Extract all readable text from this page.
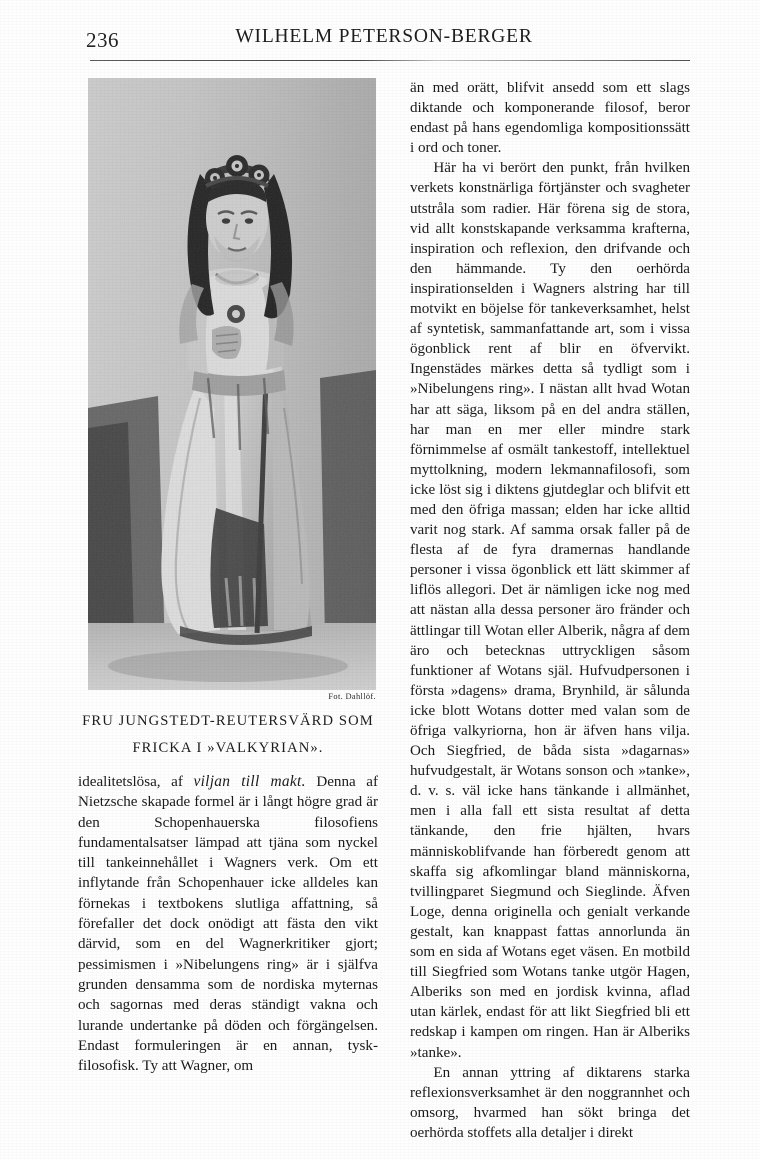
236	WILHELM PETERSON-BERGER
Fot. Dahllöf.
FRU JUNGSTEDT-REUTERSVÄRD SOM
FRICKA I »VALKYRIAN».

idealitetslösa, af viljan till makt. Denna af Nietzsche skapade formel är i långt högre grad är den Schopenhauerska filosofiens fundamentalsatser lämpad att tjäna som nyckel till tankeinnehållet i Wagners verk. Om ett inflytande från Schopenhauer icke alldeles kan förnekas i textbokens slutliga affattning, så förefaller det dock onödigt att fästa den vikt därvid, som en del Wagnerkritiker gjort; pessimismen i »Nibelungens ring» är i själfva grunden densamma som de nordiska myternas och sagornas med deras ständigt vakna och lurande undertanke på döden och förgängelsen. Endast formuleringen är en annan, tysk-filosofisk. Ty att Wagner, om

än med orätt, blifvit ansedd som ett slags diktande och komponerande filosof, beror endast på hans egendomliga kompositionssätt i ord och toner.

Här ha vi berört den punkt, från hvilken verkets konstnärliga förtjänster och svagheter utstråla som radier. Här förena sig de stora, vid allt konstskapande verksamma krafterna, inspiration och reflexion, den drifvande och den hämmande. Ty den oerhörda inspirationselden i Wagners alstring har till motvikt en böjelse för tankeverksamhet, helst af syntetisk, sammanfattande art, som i vissa ögonblick rent af blir en öfvervikt. Ingenstädes märkes detta så tydligt som i »Nibelungens ring». I nästan allt hvad Wotan har att säga, liksom på en del andra ställen, har man en mer eller mindre stark förnimmelse af osmält tankestoff, intellektuel myttolkning, modern lekmannafilosofi, som icke löst sig i diktens gjutdeglar och blifvit ett med den öfriga massan; elden har icke alltid varit nog stark. Af samma orsak faller på de flesta af de fyra dramernas handlande personer i vissa ögonblick ett lätt skimmer af liflös allegori. Det är nämligen icke nog med att nästan alla dessa personer äro fränder och ättlingar till Wotan eller Alberik, några af dem äro och betecknas uttryckligen såsom funktioner af Wotans själ. Hufvudpersonen i första »dagens» drama, Brynhild, är sålunda icke blott Wotans dotter med valan som de öfriga valkyriorna, hon är äfven hans vilja. Och Siegfried, de båda sista »dagarnas» hufvudgestalt, är Wotans sonson och »tanke», d. v. s. väl icke hans tänkande i allmänhet, men i alla fall ett sista resultat af detta tänkande, den frie hjälten, hvars människoblifvande han förberedt genom att skaffa sig afkomlingar bland människorna, tvillingparet Siegmund och Sieglinde. Äfven Loge, denna originella och genialt verkande gestalt, kan knappast fattas annorlunda än som en sida af Wotans eget väsen. En motbild till Siegfried som Wotans tanke utgör Hagen, Alberiks son med en jordisk kvinna, aflad utan kärlek, endast för att likt Siegfried bli ett redskap i kampen om ringen. Han är Alberiks »tanke».

En annan yttring af diktarens starka reflexionsverksamhet är den noggrannhet och omsorg, hvarmed han sökt bringa det oerhörda stoffets alla detaljer i direkt
